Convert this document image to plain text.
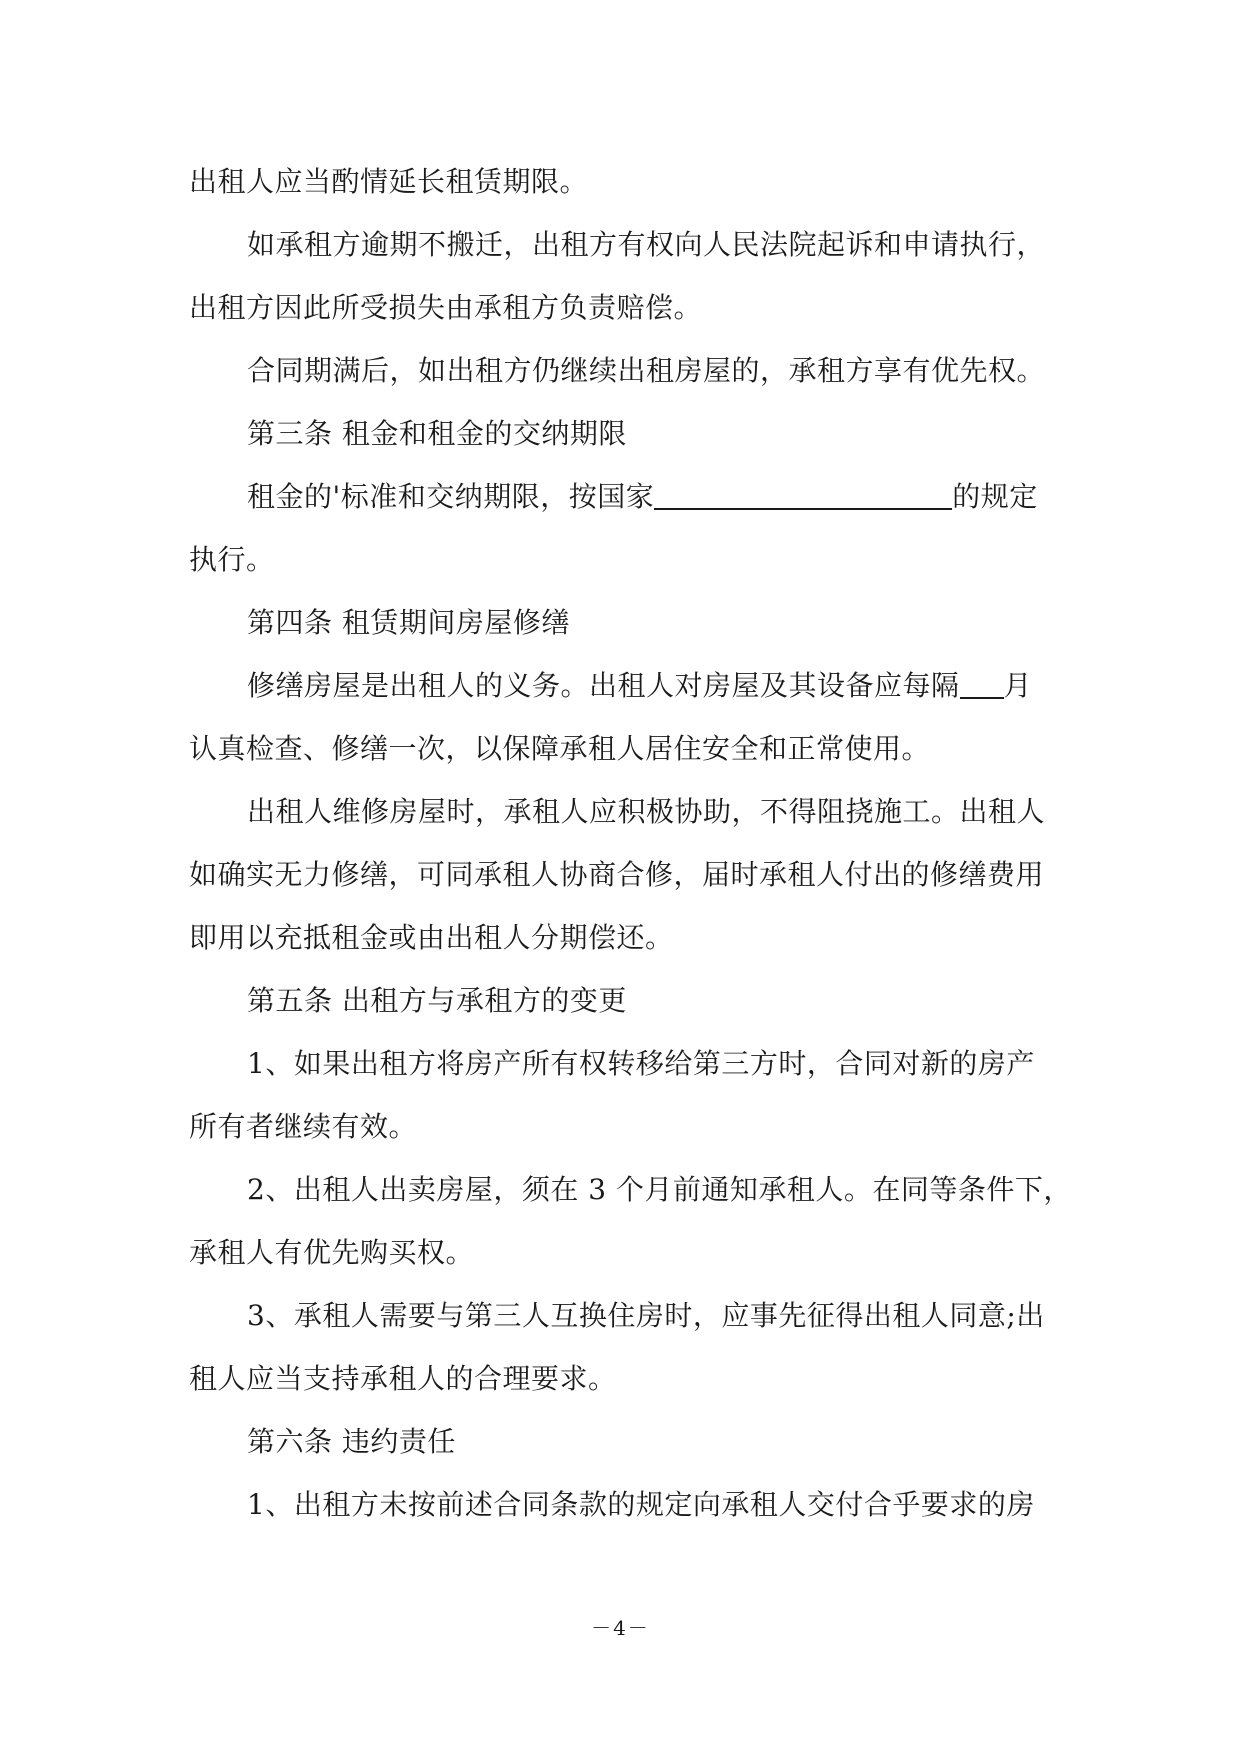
出租人应当酌情延长租赁期限。
如承租方逾期不搬迁，出租方有权向人民法院起诉和申请执行，
出租方因此所受损失由承租方负责赔偿。
合同期满后，如出租方仍继续出租房屋的，承租方享有优先权。
第三条 租金和租金的交纳期限
租金的'标准和交纳期限，按国家	的规定
执行。
第四条 租赁期间房屋修缮
修缮房屋是出租人的义务。出租人对房屋及其设备应每隔 月
认真检查、修缮一次，以保障承租人居住安全和正常使用。
出租人维修房屋时，承租人应积极协助，不得阻挠施工。出租人
如确实无力修缮，可同承租人协商合修，届时承租人付出的修缮费用
即用以充抵租金或由出租人分期偿还。
第五条 出租方与承租方的变更
1、如果出租方将房产所有权转移给第三方时，合同对新的房产
所有者继续有效。
2、出租人出卖房屋，须在 3 个月前通知承租人。在同等条件下，
承租人有优先购买权。
3、承租人需要与第三人互换住房时，应事先征得出租人同意;出
租人应当支持承租人的合理要求。
第六条 违约责任
1、出租方未按前述合同条款的规定向承租人交付合乎要求的房
－4－
